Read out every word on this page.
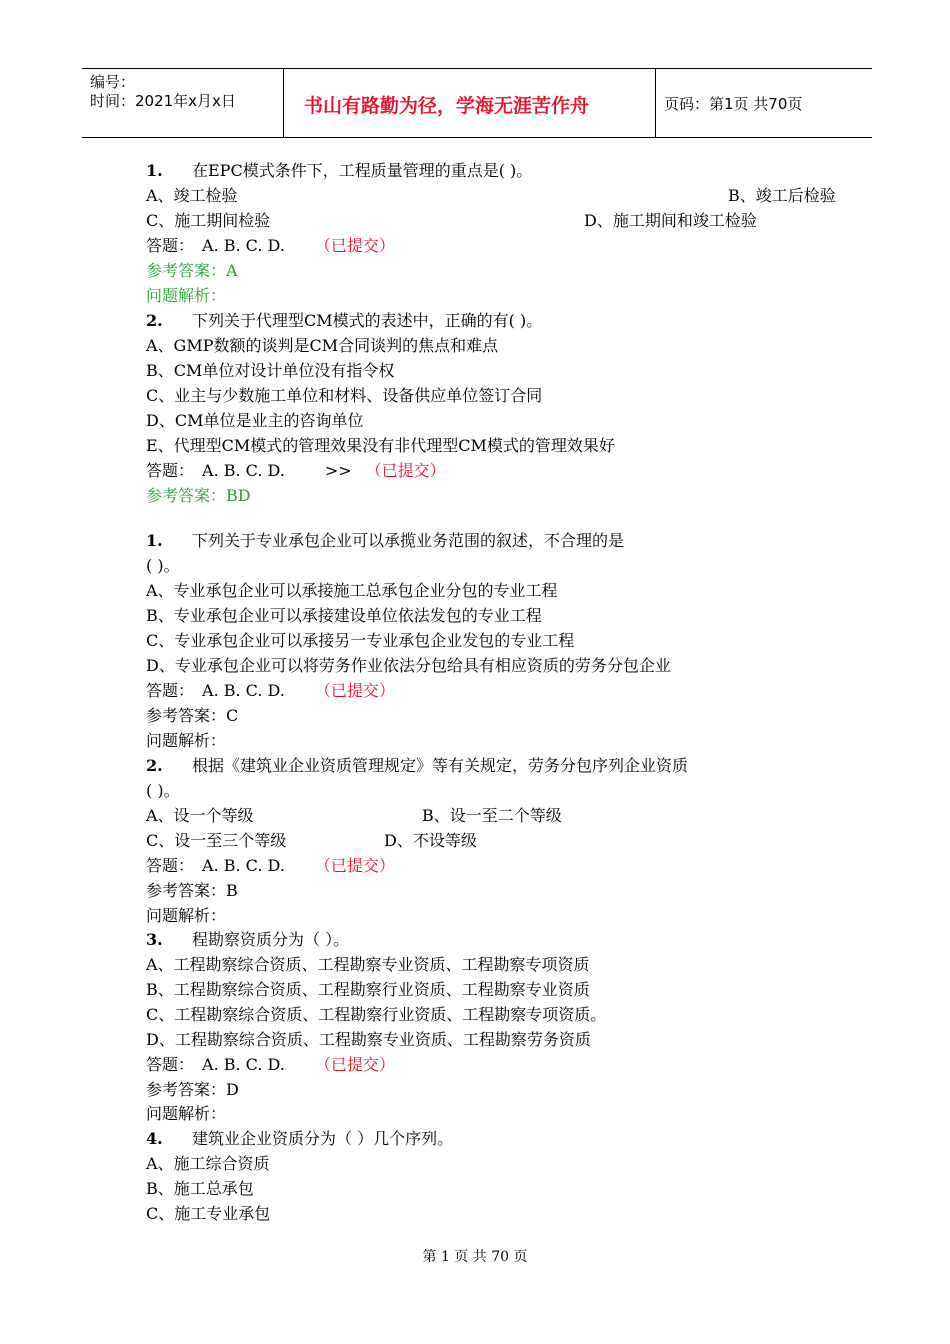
编号：
时间：2021年x月x日	书山有路勤为径，学海无涯苦作舟	页码：第1页 共70页
1. 在EPC模式条件下，工程质量管理的重点是( )。
A、竣工检验	B、竣工后检验
C、施工期间检验	D、施工期间和竣工检验
答题： A. B. C. D. （已提交）
参考答案：A
问题解析：
2. 下列关于代理型CM模式的表述中，正确的有( )。
A、GMP数额的谈判是CM合同谈判的焦点和难点
B、CM单位对设计单位没有指令权
C、业主与少数施工单位和材料、设备供应单位签订合同
D、CM单位是业主的咨询单位
E、代理型CM模式的管理效果没有非代理型CM模式的管理效果好
答题： A. B. C. D.	>> （已提交）
参考答案：BD
1. 下列关于专业承包企业可以承揽业务范围的叙述，不合理的是
( )。
A、专业承包企业可以承接施工总承包企业分包的专业工程
B、专业承包企业可以承接建设单位依法发包的专业工程
C、专业承包企业可以承接另一专业承包企业发包的专业工程
D、专业承包企业可以将劳务作业依法分包给具有相应资质的劳务分包企业
答题： A. B. C. D. （已提交）
参考答案：C
问题解析：
2. 根据《建筑业企业资质管理规定》等有关规定，劳务分包序列企业资质
( )。
A、设一个等级	B、设一至二个等级
C、设一至三个等级	D、不设等级
答题： A. B. C. D. （已提交）
参考答案：B
问题解析：
3. 程勘察资质分为（ ）。
A、工程勘察综合资质、工程勘察专业资质、工程勘察专项资质
B、工程勘察综合资质、工程勘察行业资质、工程勘察专业资质
C、工程勘察综合资质、工程勘察行业资质、工程勘察专项资质。
D、工程勘察综合资质、工程勘察专业资质、工程勘察劳务资质
答题： A. B. C. D. （已提交）
参考答案：D
问题解析：
4. 建筑业企业资质分为（ ）几个序列。
A、施工综合资质
B、施工总承包
C、施工专业承包
第 1 页 共 70 页
